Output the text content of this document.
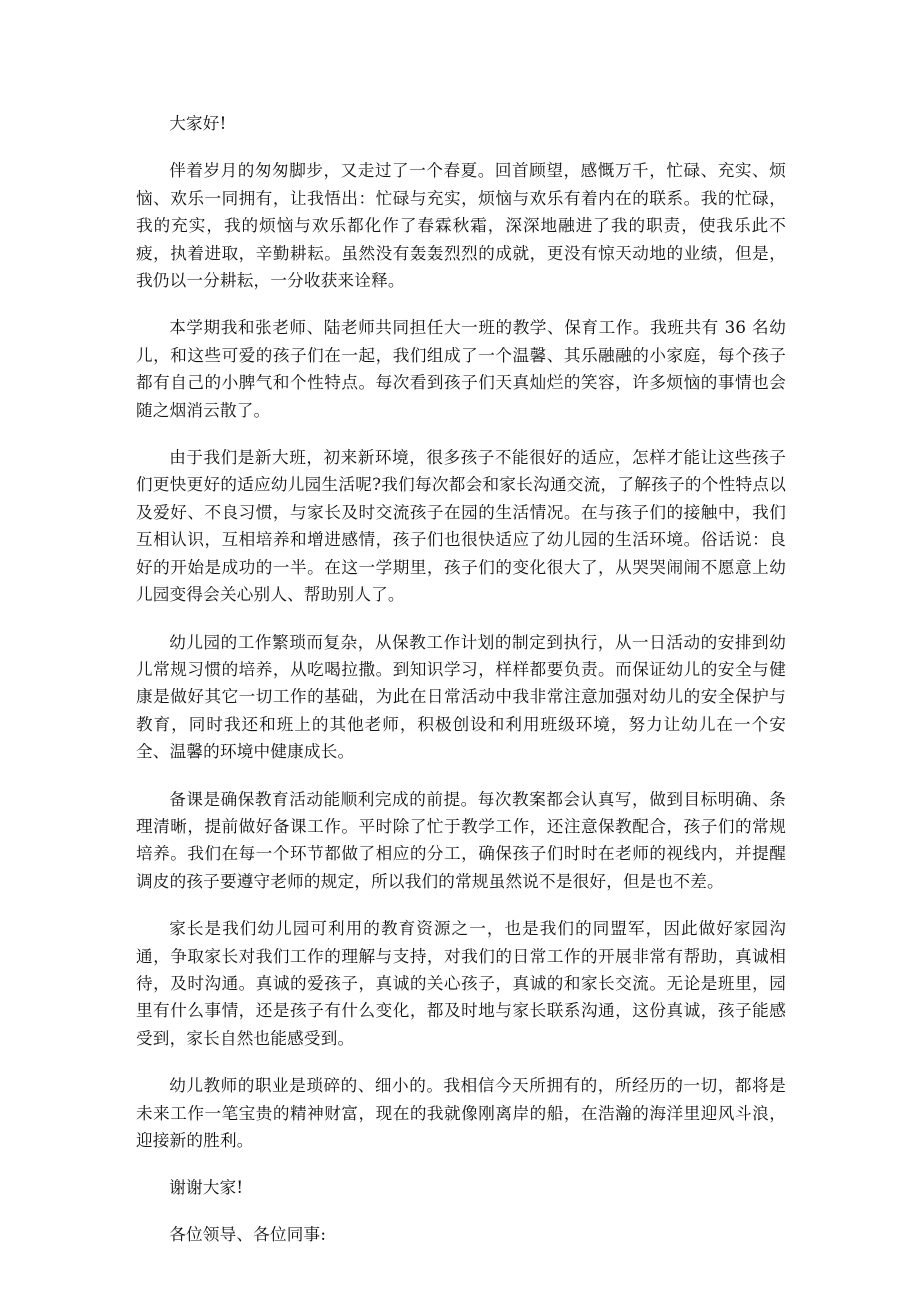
大家好!

伴着岁月的匆匆脚步，又走过了一个春夏。回首顾望，感慨万千，忙碌、充实、烦恼、欢乐一同拥有，让我悟出：忙碌与充实，烦恼与欢乐有着内在的联系。我的忙碌，我的充实，我的烦恼与欢乐都化作了春霖秋霜，深深地融进了我的职责，使我乐此不疲，执着进取，辛勤耕耘。虽然没有轰轰烈烈的成就，更没有惊天动地的业绩，但是，我仍以一分耕耘，一分收获来诠释。

本学期我和张老师、陆老师共同担任大一班的教学、保育工作。我班共有 36 名幼儿，和这些可爱的孩子们在一起，我们组成了一个温馨、其乐融融的小家庭，每个孩子都有自己的小脾气和个性特点。每次看到孩子们天真灿烂的笑容，许多烦恼的事情也会随之烟消云散了。

由于我们是新大班，初来新环境，很多孩子不能很好的适应，怎样才能让这些孩子们更快更好的适应幼儿园生活呢?我们每次都会和家长沟通交流，了解孩子的个性特点以及爱好、不良习惯，与家长及时交流孩子在园的生活情况。在与孩子们的接触中，我们互相认识，互相培养和增进感情，孩子们也很快适应了幼儿园的生活环境。俗话说：良好的开始是成功的一半。在这一学期里，孩子们的变化很大了，从哭哭闹闹不愿意上幼儿园变得会关心别人、帮助别人了。

幼儿园的工作繁琐而复杂，从保教工作计划的制定到执行，从一日活动的安排到幼儿常规习惯的培养，从吃喝拉撒。到知识学习，样样都要负责。而保证幼儿的安全与健康是做好其它一切工作的基础，为此在日常活动中我非常注意加强对幼儿的安全保护与教育，同时我还和班上的其他老师，积极创设和利用班级环境，努力让幼儿在一个安全、温馨的环境中健康成长。

备课是确保教育活动能顺利完成的前提。每次教案都会认真写，做到目标明确、条理清晰，提前做好备课工作。平时除了忙于教学工作，还注意保教配合，孩子们的常规培养。我们在每一个环节都做了相应的分工，确保孩子们时时在老师的视线内，并提醒调皮的孩子要遵守老师的规定，所以我们的常规虽然说不是很好，但是也不差。

家长是我们幼儿园可利用的教育资源之一，也是我们的同盟军，因此做好家园沟通，争取家长对我们工作的理解与支持，对我们的日常工作的开展非常有帮助，真诚相待，及时沟通。真诚的爱孩子，真诚的关心孩子，真诚的和家长交流。无论是班里，园里有什么事情，还是孩子有什么变化，都及时地与家长联系沟通，这份真诚，孩子能感受到，家长自然也能感受到。

幼儿教师的职业是琐碎的、细小的。我相信今天所拥有的，所经历的一切，都将是未来工作一笔宝贵的精神财富，现在的我就像刚离岸的船，在浩瀚的海洋里迎风斗浪，迎接新的胜利。

谢谢大家!

各位领导、各位同事:
